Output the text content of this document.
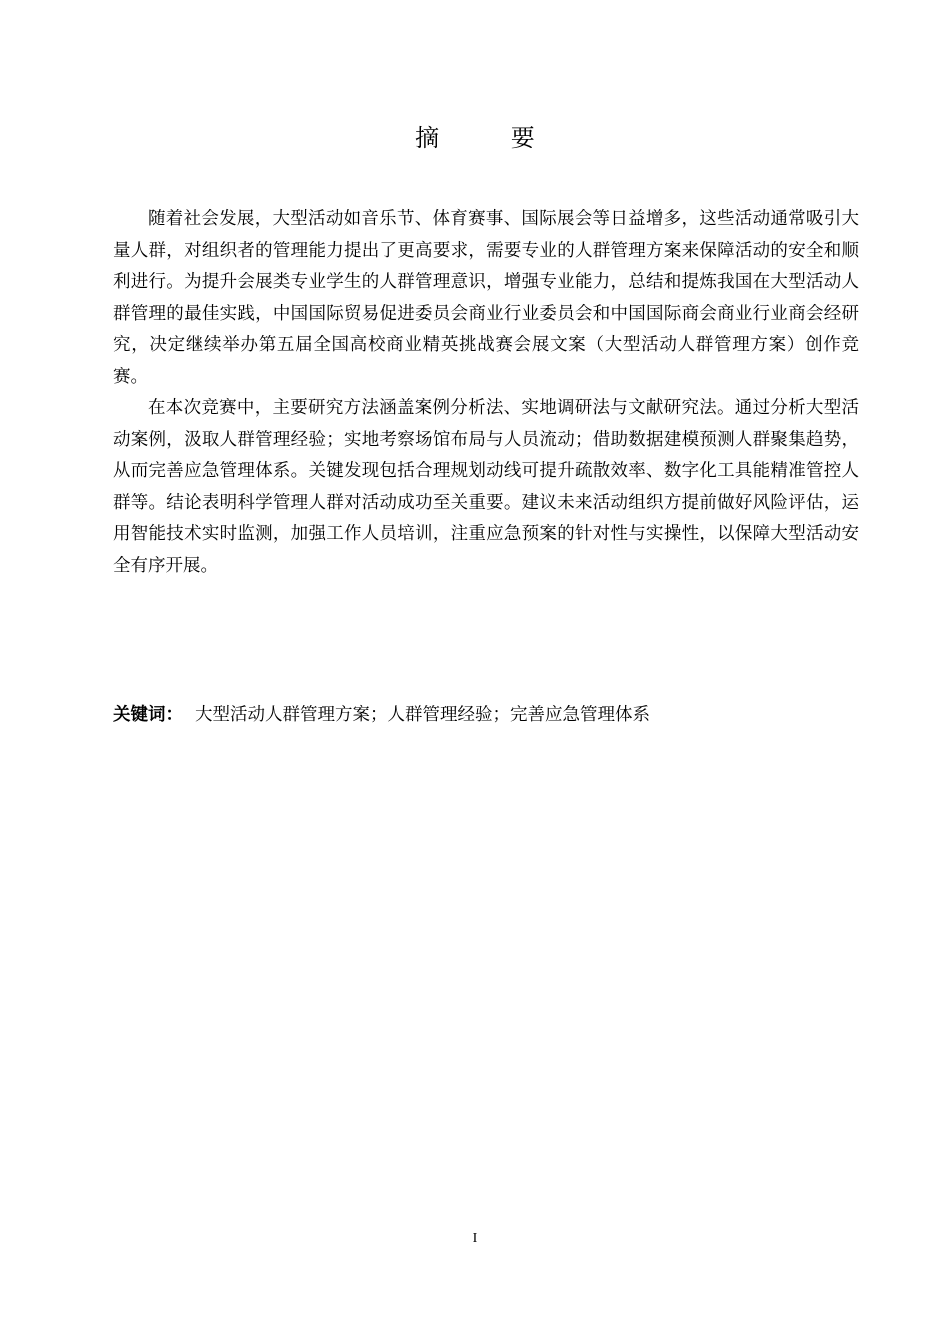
摘 要

随着社会发展，大型活动如音乐节、体育赛事、国际展会等日益增多，这些活动通常吸引大量人群，对组织者的管理能力提出了更高要求，需要专业的人群管理方案来保障活动的安全和顺利进行。为提升会展类专业学生的人群管理意识，增强专业能力，总结和提炼我国在大型活动人群管理的最佳实践，中国国际贸易促进委员会商业行业委员会和中国国际商会商业行业商会经研究，决定继续举办第五届全国高校商业精英挑战赛会展文案（大型活动人群管理方案）创作竞赛。

在本次竞赛中，主要研究方法涵盖案例分析法、实地调研法与文献研究法。通过分析大型活动案例，汲取人群管理经验；实地考察场馆布局与人员流动；借助数据建模预测人群聚集趋势，从而完善应急管理体系。关键发现包括合理规划动线可提升疏散效率、数字化工具能精准管控人群等。结论表明科学管理人群对活动成功至关重要。建议未来活动组织方提前做好风险评估，运用智能技术实时监测，加强工作人员培训，注重应急预案的针对性与实操性，以保障大型活动安全有序开展。

关键词： 大型活动人群管理方案；人群管理经验；完善应急管理体系
I
